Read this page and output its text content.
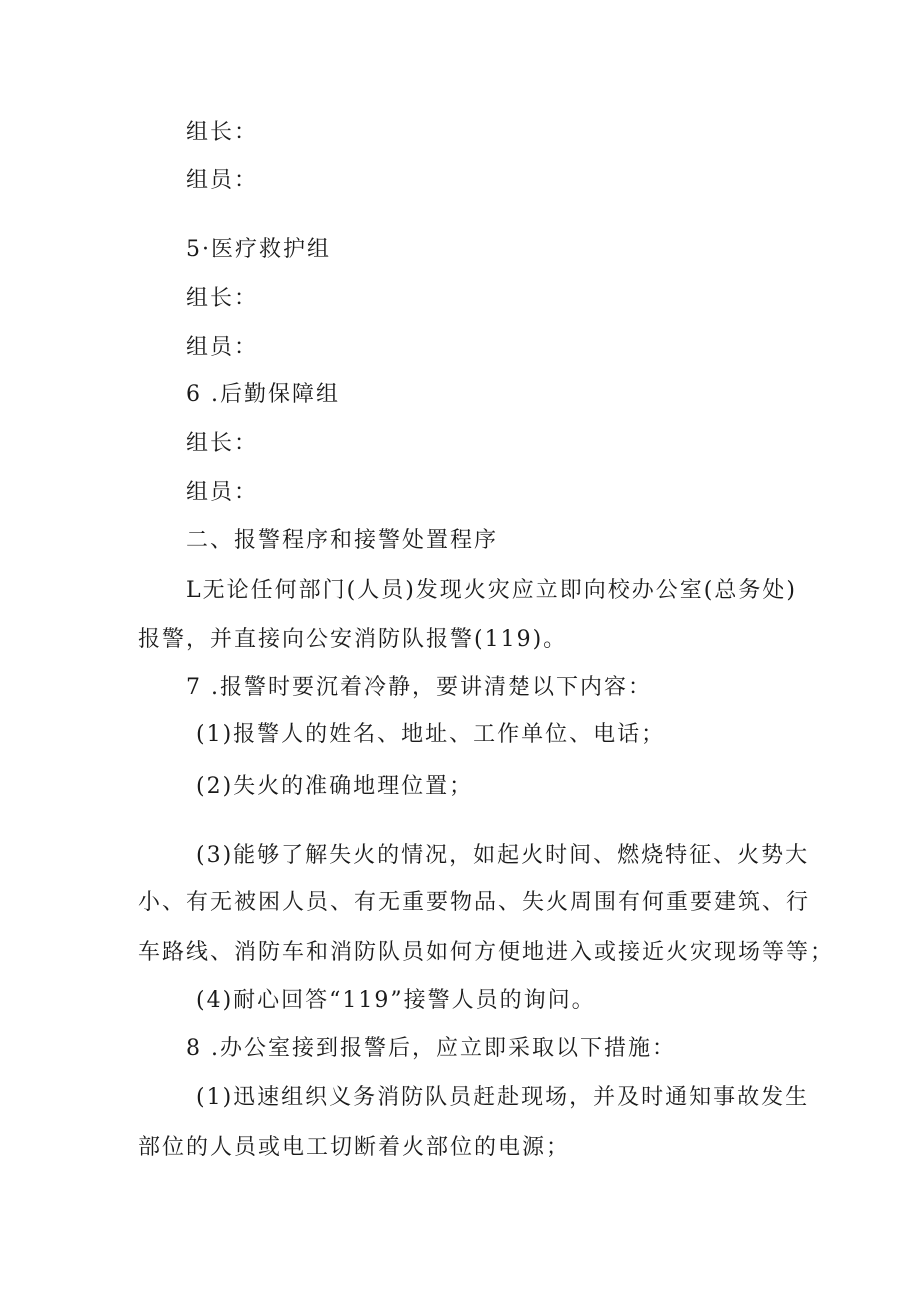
组长：
组员：
5·医疗救护组
组长：
组员：
6 .后勤保障组
组长：
组员：
二、报警程序和接警处置程序
L无论任何部门(人员)发现火灾应立即向校办公室(总务处)
报警，并直接向公安消防队报警(119)。
7 .报警时要沉着冷静，要讲清楚以下内容：
(1)报警人的姓名、地址、工作单位、电话；
(2)失火的准确地理位置；
(3)能够了解失火的情况，如起火时间、燃烧特征、火势大
小、有无被困人员、有无重要物品、失火周围有何重要建筑、行
车路线、消防车和消防队员如何方便地进入或接近火灾现场等等；
(4)耐心回答“119”接警人员的询问。
8 .办公室接到报警后，应立即采取以下措施：
(1)迅速组织义务消防队员赶赴现场，并及时通知事故发生
部位的人员或电工切断着火部位的电源；
